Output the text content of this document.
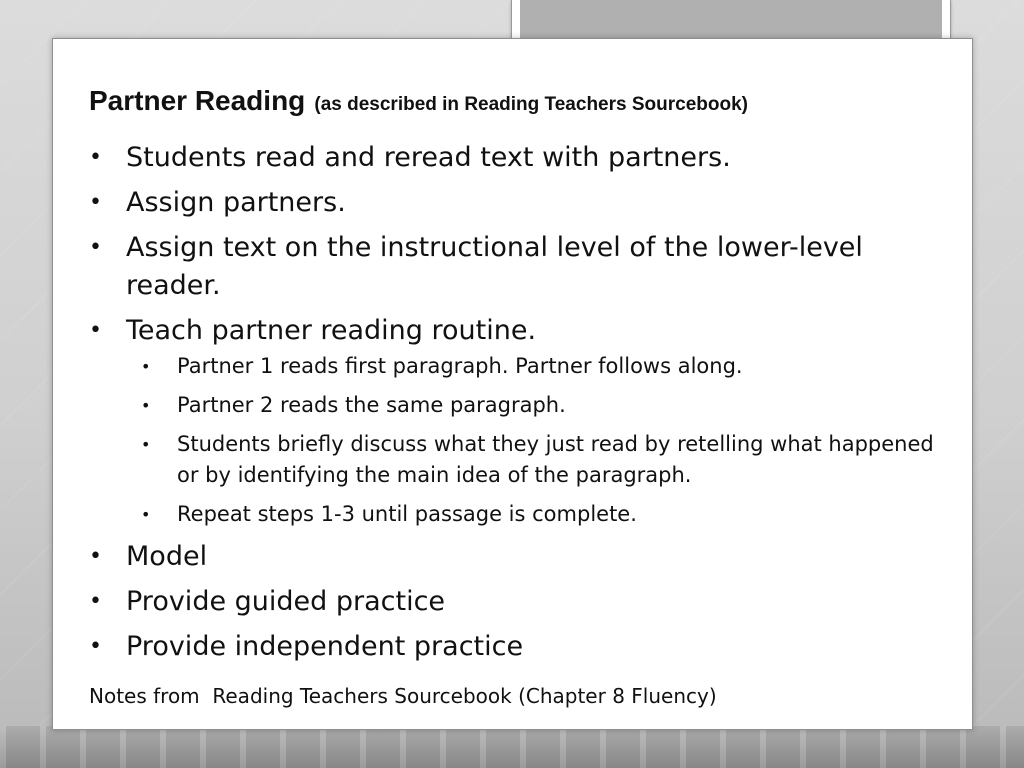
Partner Reading (as described in Reading Teachers Sourcebook)
• Students read and reread text with partners.
• Assign partners.
• Assign text on the instructional level of the lower-level reader.
• Teach partner reading routine.
• Partner 1 reads first paragraph. Partner follows along.
• Partner 2 reads the same paragraph.
• Students briefly discuss what they just read by retelling what happened or by identifying the main idea of the paragraph.
• Repeat steps 1-3 until passage is complete.
• Model
• Provide guided practice
• Provide independent practice
Notes from  Reading Teachers Sourcebook (Chapter 8 Fluency)
